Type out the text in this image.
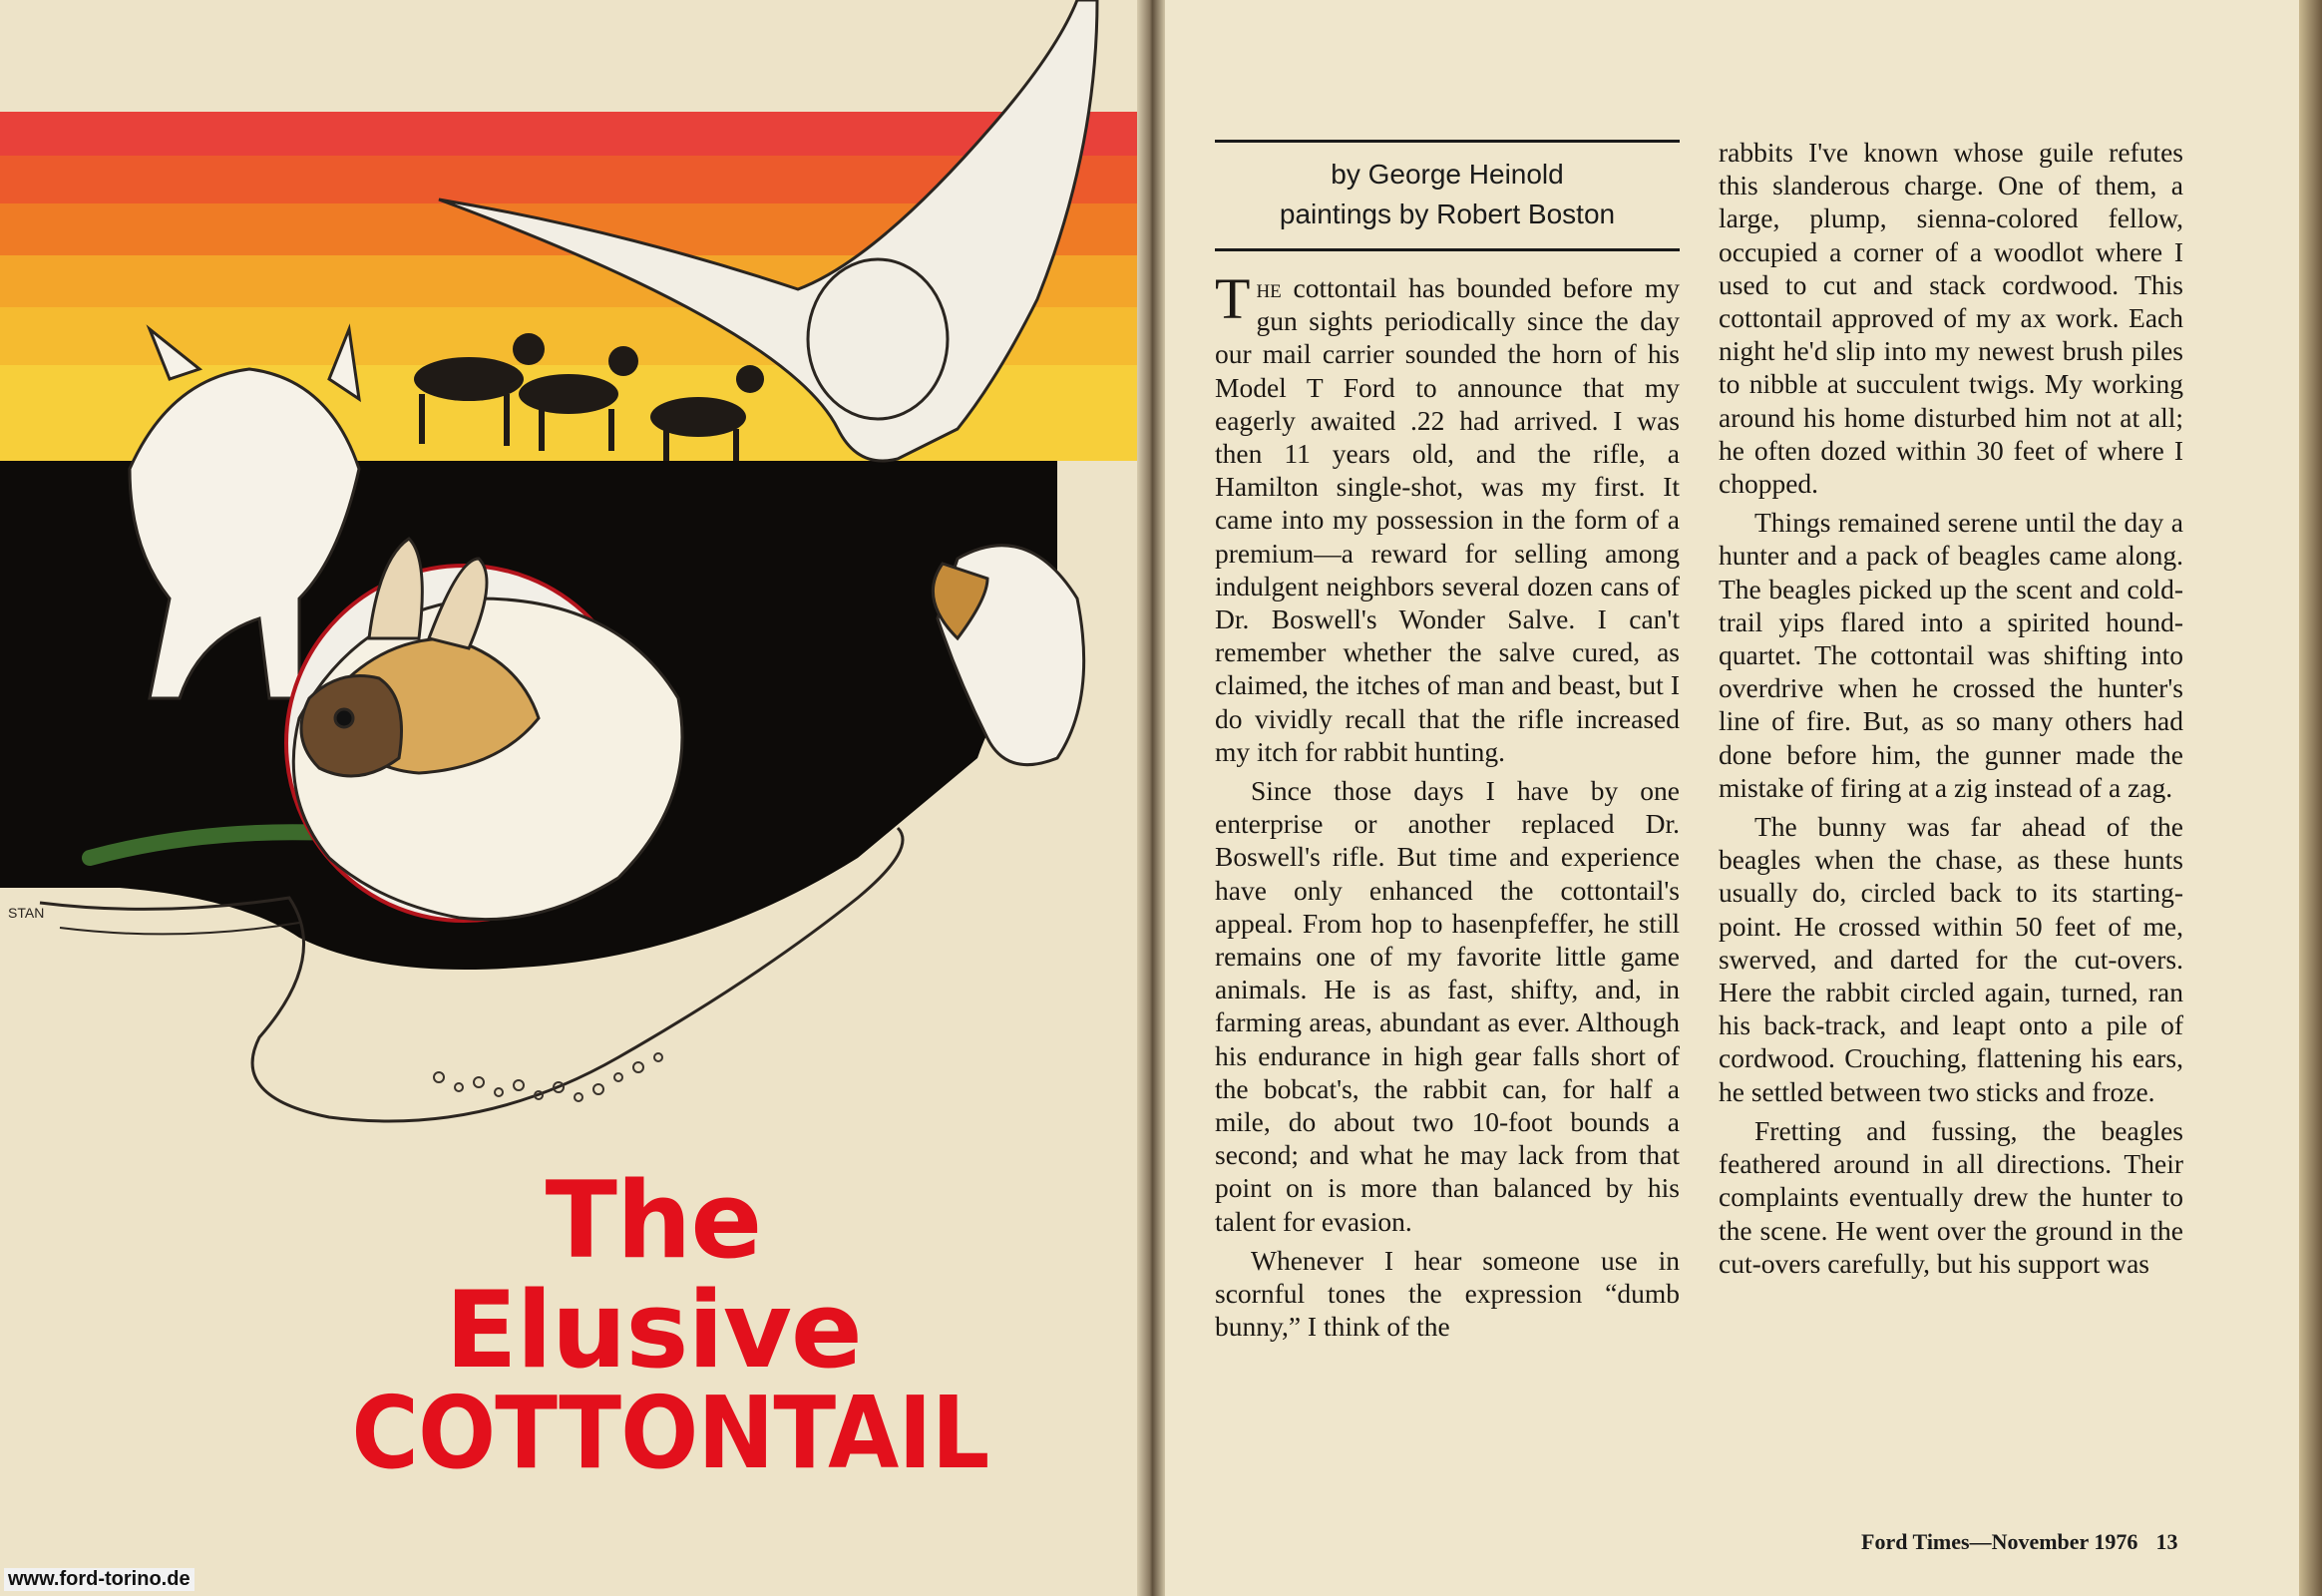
STAN
The
Elusive
COTTONTAIL
by George Heinold
paintings by Robert Boston

The cottontail has bounded before my gun sights periodically since the day our mail carrier sounded the horn of his Model T Ford to announce that my eagerly awaited .22 had arrived. I was then 11 years old, and the rifle, a Hamilton single-shot, was my first. It came into my possession in the form of a premium—a reward for selling among indulgent neighbors several dozen cans of Dr. Boswell's Wonder Salve. I can't remember whether the salve cured, as claimed, the itches of man and beast, but I do vividly recall that the rifle increased my itch for rabbit hunting.

Since those days I have by one enterprise or another replaced Dr. Boswell's rifle. But time and experience have only enhanced the cottontail's appeal. From hop to hasenpfeffer, he still remains one of my favorite little game animals. He is as fast, shifty, and, in farming areas, abundant as ever. Although his endurance in high gear falls short of the bobcat's, the rabbit can, for half a mile, do about two 10-foot bounds a second; and what he may lack from that point on is more than balanced by his talent for evasion.

Whenever I hear someone use in scornful tones the expression “dumb bunny,” I think of the

rabbits I've known whose guile refutes this slanderous charge. One of them, a large, plump, sienna-colored fellow, occupied a corner of a woodlot where I used to cut and stack cordwood. This cottontail approved of my ax work. Each night he'd slip into my newest brush piles to nibble at succulent twigs. My working around his home disturbed him not at all; he often dozed within 30 feet of where I chopped.

Things remained serene until the day a hunter and a pack of beagles came along. The beagles picked up the scent and cold-trail yips flared into a spirited hound-quartet. The cottontail was shifting into overdrive when he crossed the hunter's line of fire. But, as so many others had done before him, the gunner made the mistake of firing at a zig instead of a zag.

The bunny was far ahead of the beagles when the chase, as these hunts usually do, circled back to its starting-point. He crossed within 50 feet of me, swerved, and darted for the cut-overs. Here the rabbit circled again, turned, ran his back-track, and leapt onto a pile of cordwood. Crouching, flattening his ears, he settled between two sticks and froze.

Fretting and fussing, the beagles feathered around in all directions. Their complaints eventually drew the hunter to the scene. He went over the ground in the cut-overs carefully, but his support was

Ford Times—November 1976 13
www.ford-torino.de
